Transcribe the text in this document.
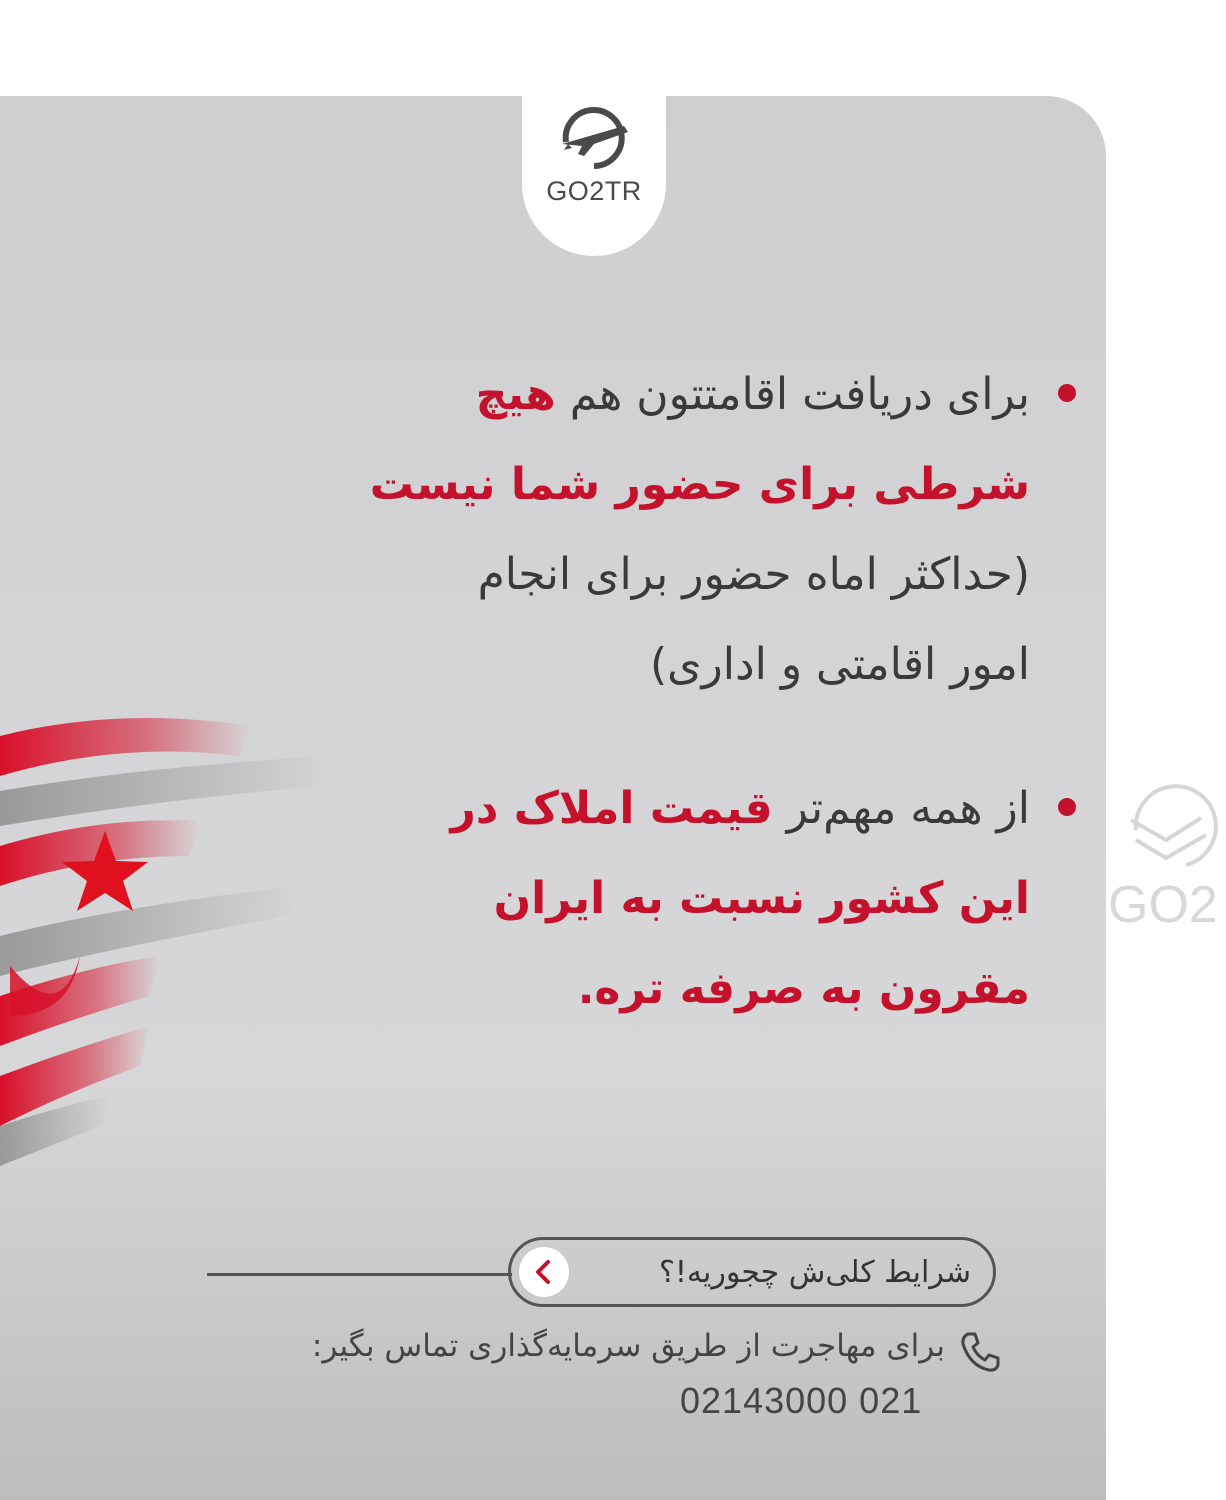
GO2TR
برای دریافت اقامتتون هم هیچ
شرطی برای حضور شما نیست
(حداکثر اماه حضور برای انجام
امور اقامتی و اداری)
از همه مهم‌تر قیمت املاک در
این کشور نسبت به ایران
مقرون به صرفه تره.
شرایط کلی‌ش چجوریه!؟
برای مهاجرت از طریق سرمایه‌گذاری تماس بگیر:
02143000 021
GO2
